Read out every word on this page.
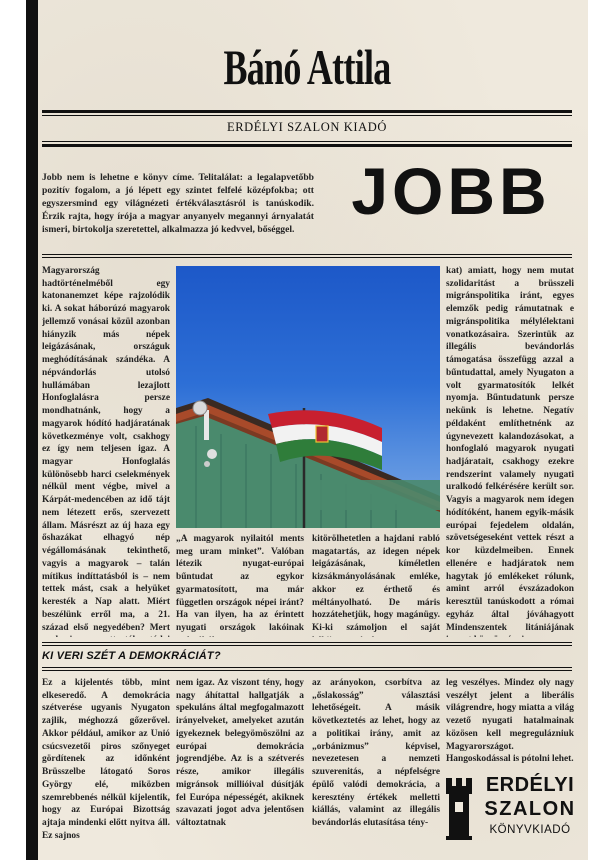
Bánó Attila
ERDÉLYI SZALON KIADÓ
Jobb nem is lehetne e könyv címe. Telitalálat: a legalapvetőbb pozitív fogalom, a jó lépett egy szintet felfelé középfokba; ott egyszersmind egy világnézeti értékválasztásról is tanúskodik. Érzik rajta, hogy írója a magyar anyanyelv megannyi árnyalatát ismeri, birtokolja szeretettel, alkalmazza jó kedvvel, bőséggel.
JOBB
Magyarország hadtörténelméből egy katonanemzet képe rajzolódik ki. A sokat háborúzó magyarok jellemző vonásai közül azonban hiányzik más népek leigázásának, országuk meghódításának szándéka. A népvándorlás utolsó hullámában lezajlott Honfoglalásra persze mondhatnánk, hogy a magyarok hódító hadjáratának következménye volt, csakhogy ez így nem teljesen igaz. A magyar Honfoglalás különösebb harci cselekmények nélkül ment végbe, mivel a Kárpát-medencében az idő tájt nem létezett erős, szervezett állam. Másrészt az új haza egy őshazákat elhagyó nép végállomásának tekinthető, vagyis a magyarok – talán mítikus indíttatásból is – nem tettek mást, csak a helyüket keresték a Nap alatt. Miért beszélünk erről ma, a 21. század első negyedében? Mert
„A magyarok nyilaitól ments meg uram minket”. Valóban létezik nyugat-európai bűntudat az egykor gyarmatosított, ma már független országok népei iránt? Ha van ilyen, ha az érintett nyugati országok lakóinak
kitörölhetetlen a hajdani rabló magatartás, az idegen népek leigázásának, kíméletlen kizsákmányolásának emléke, akkor ez érthető és méltányolható. De máris hozzátehetjük, hogy magánügy. Ki-ki számoljon el saját
kat) amiatt, hogy nem mutat szolidaritást a brüsszeli migránspolitika iránt, egyes elemzők pedig rámutatnak e migránspolitika mélylélektani vonatkozásaira. Szerintük az illegális bevándorlás támogatása összefügg azzal a bűntudattal, amely Nyugaton a volt gyarmatosítók lelkét nyomja. Bűntudatunk persze nekünk is lehetne. Negatív példaként említhetnénk az úgynevezett kalandozásokat, a honfoglaló magyarok nyugati hadjáratait, csakhogy ezekre rendszerint valamely nyugati uralkodó felkérésére került sor. Vagyis a magyarok nem idegen hódítóként, hanem egyik-másik európai fejedelem oldalán, szövetségeseként vettek részt a kor küzdelmeiben. Ennek ellenére e hadjáratok nem hagytak jó emlékeket rólunk, amint arról évszázadokon keresztül tanúskodott a római egyház által jóváhagyott Mindenszentek litániájának
KI VERI SZÉT A DEMOKRÁCIÁT?
Ez a kijelentés több, mint elkeseredő. A demokrácia szétverése ugyanis Nyugaton zajlik, méghozzá gőzerővel. Akkor például, amikor az Unió csúcsvezetői piros szőnyeget gördítenek az időnként Brüsszelbe látogató Soros György elé, miközben szemrebbenés nélkül kijelentik, hogy az Európai Bizottság ajtaja mindenki előtt nyitva áll. Ez sajnos
nem igaz. Az viszont tény, hogy nagy áhítattal hallgatják a spekuláns által megfogalmazott irányelveket, amelyeket azután igyekeznek belegyömöszölni az európai demokrácia jogrendjébe. Az is a szétverés része, amikor illegális migránsok millióival dúsítják fel Európa népességét, akiknek szavazati jogot adva jelentősen változtatnak
az arányokon, csorbítva az „őslakosság” választási lehetőségeit. A másik következtetés az lehet, hogy az a politikai irány, amit az „orbánizmus” képvisel, nevezetesen a nemzeti szuverenitás, a népfelségre épülő valódi demokrácia, a keresztény értékek melletti kiállás, valamint az illegális bevándorlás elutasítása tény-
leg veszélyes. Mindez oly nagy veszélyt jelent a liberális világrendre, hogy miatta a világ vezető nyugati hatalmainak közösen kell megregulázniuk Magyarországot. Hangoskodással is pótolni lehet.
ERDÉLYI
SZALON
KÖNYVKIADÓ
